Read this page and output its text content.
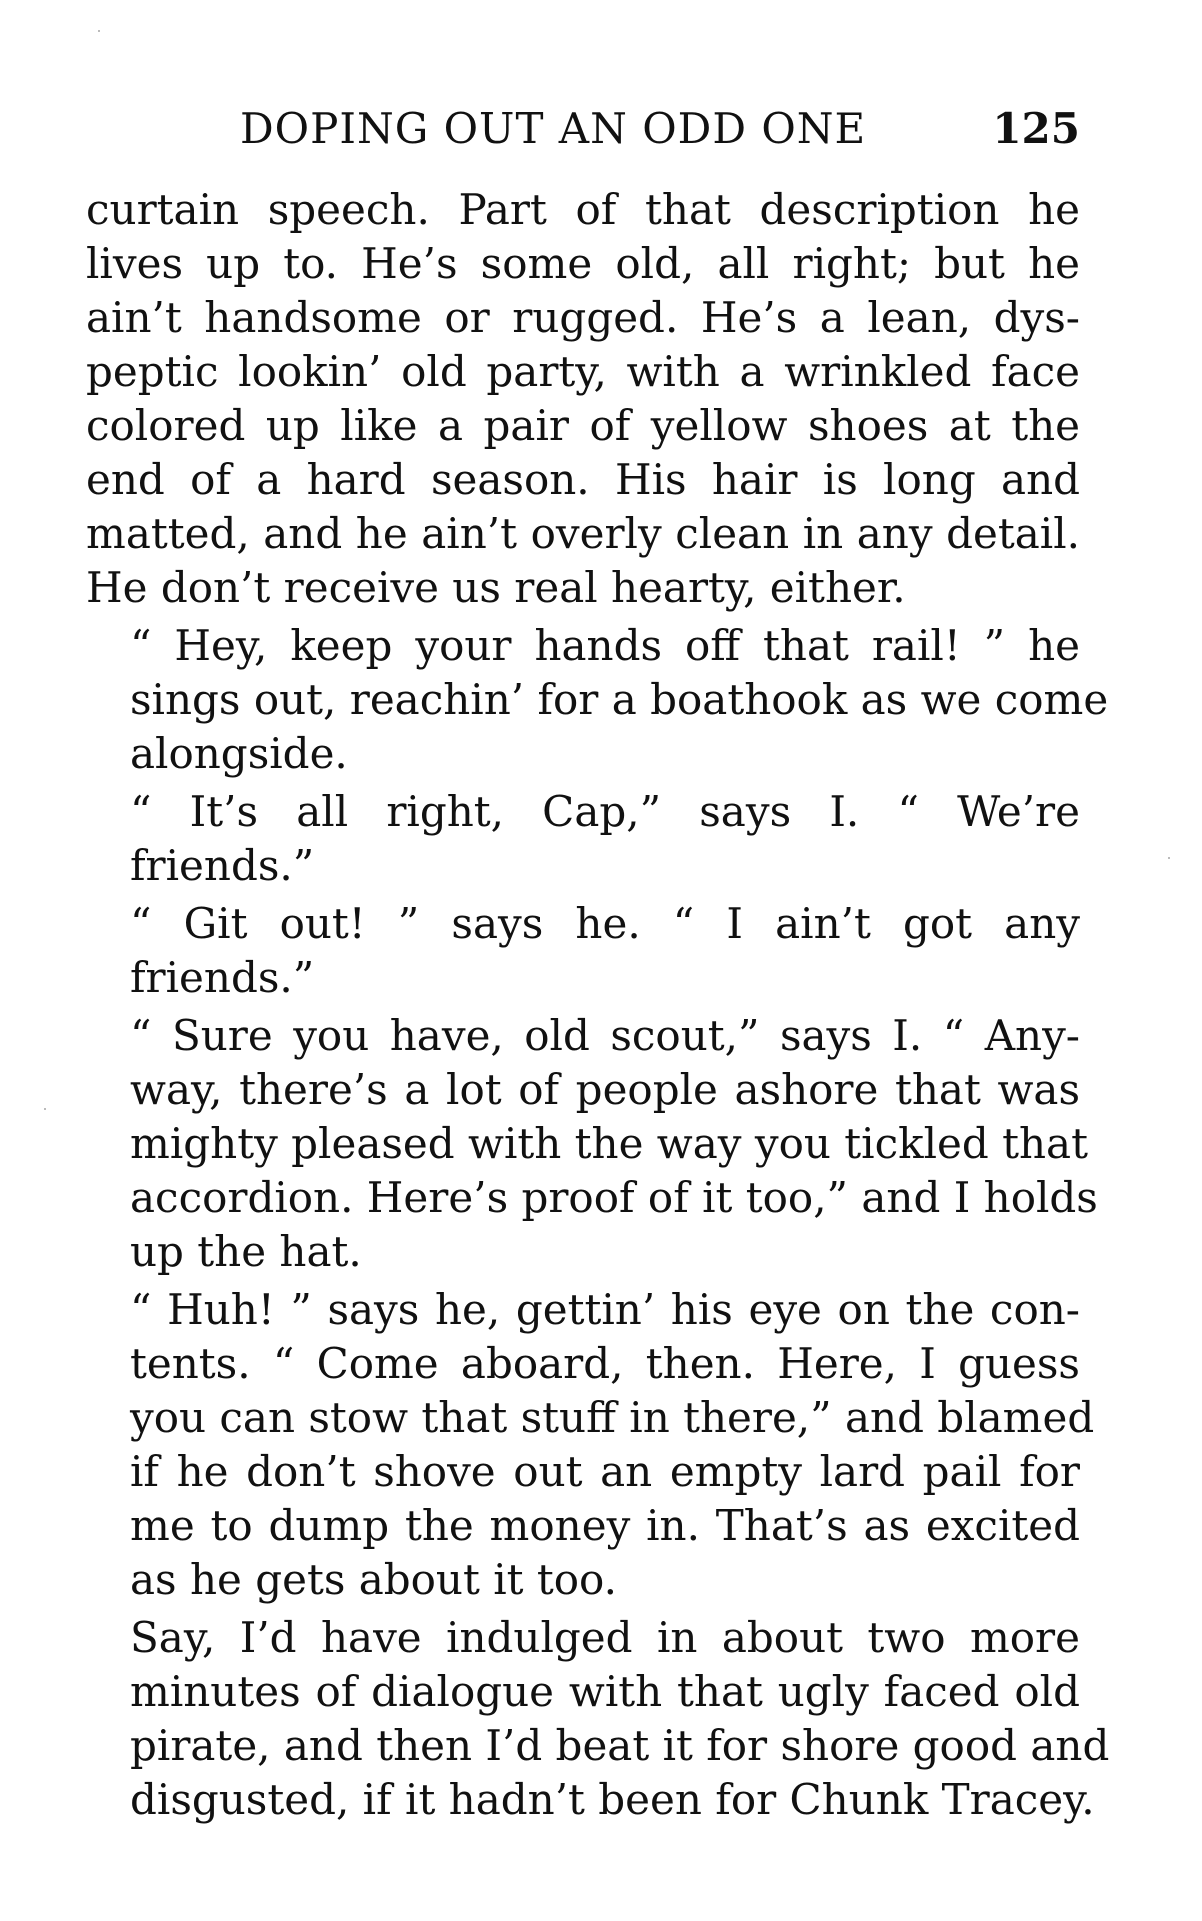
DOPING OUT AN ODD ONE	125

curtain speech. Part of that description he
lives up to. He’s some old, all right; but he
ain’t handsome or rugged. He’s a lean, dys-
peptic lookin’ old party, with a wrinkled face
colored up like a pair of yellow shoes at the
end of a hard season. His hair is long and
matted, and he ain’t overly clean in any detail.
He don’t receive us real hearty, either.

“ Hey, keep your hands off that rail! ” he
sings out, reachin’ for a boathook as we come
alongside.

“ It’s all right, Cap,” says I. “ We’re
friends.”

“ Git out! ” says he. “ I ain’t got any
friends.”

“ Sure you have, old scout,” says I. “ Any-
way, there’s a lot of people ashore that was
mighty pleased with the way you tickled that
accordion. Here’s proof of it too,” and I holds
up the hat.

“ Huh! ” says he, gettin’ his eye on the con-
tents. “ Come aboard, then. Here, I guess
you can stow that stuff in there,” and blamed
if he don’t shove out an empty lard pail for
me to dump the money in. That’s as excited
as he gets about it too.

Say, I’d have indulged in about two more
minutes of dialogue with that ugly faced old
pirate, and then I’d beat it for shore good and
disgusted, if it hadn’t been for Chunk Tracey.
